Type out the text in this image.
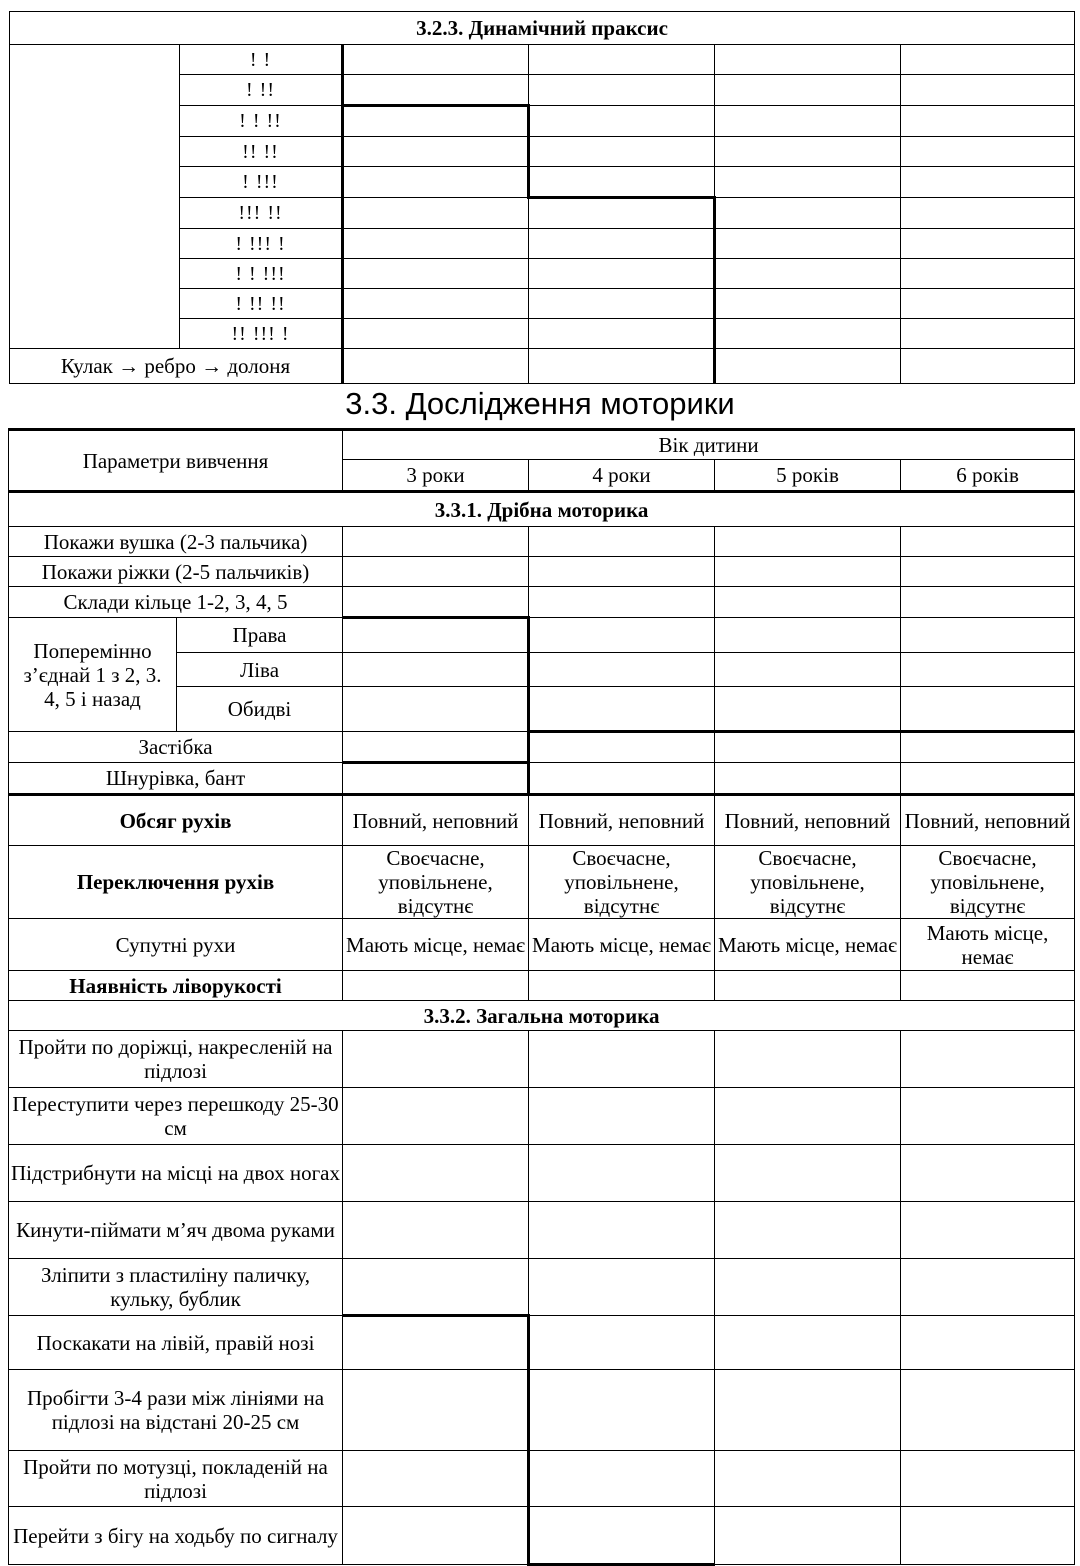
3.2.3. Динамічний праксис					
	! !				
	! !!				
	! ! !!				
	!! !!				
	! !!!				
	!!! !!				
	! !!! !				
	! ! !!!				
	! !! !!				
	!! !!! !				
Кулак → ребро → долоня					
3.3. Дослідження моторики
Параметри вивчення		Вік дитини			
		3 роки	4 роки	5 років	6 років
3.3.1. Дрібна моторика					
Покажи вушка (2-3 пальчика)					
Покажи ріжки (2-5 пальчиків)					
Склади кільце 1-2, 3, 4, 5					
Поперемінно з’єднай 1 з 2, 3. 4, 5 і назад	Права				
	Ліва				
	Обидві				
Застібка					
Шнурівка, бант					
Обсяг рухів		Повний, неповний	Повний, неповний	Повний, неповний	Повний, неповний
Переключення рухів		Своєчасне, уповільнене, відсутнє	Своєчасне, уповільнене, відсутнє	Своєчасне, уповільнене, відсутнє	Своєчасне, уповільнене, відсутнє
Супутні рухи		Мають місце, немає	Мають місце, немає	Мають місце, немає	Мають місце, немає
Наявність ліворукості					
3.3.2. Загальна моторика					
Пройти по доріжці, накресленій на підлозі					
Переступити через перешкоду 25-30 см					
Підстрибнути на місці на двох ногах					
Кинути-піймати м’яч двома руками					
Зліпити з пластиліну паличку, кульку, бублик					
Поскакати на лівій, правій нозі					
Пробігти 3-4 рази між лініями на підлозі на відстані 20-25 см					
Пройти по мотузці, покладеній на підлозі					
Перейти з бігу на ходьбу по сигналу					
